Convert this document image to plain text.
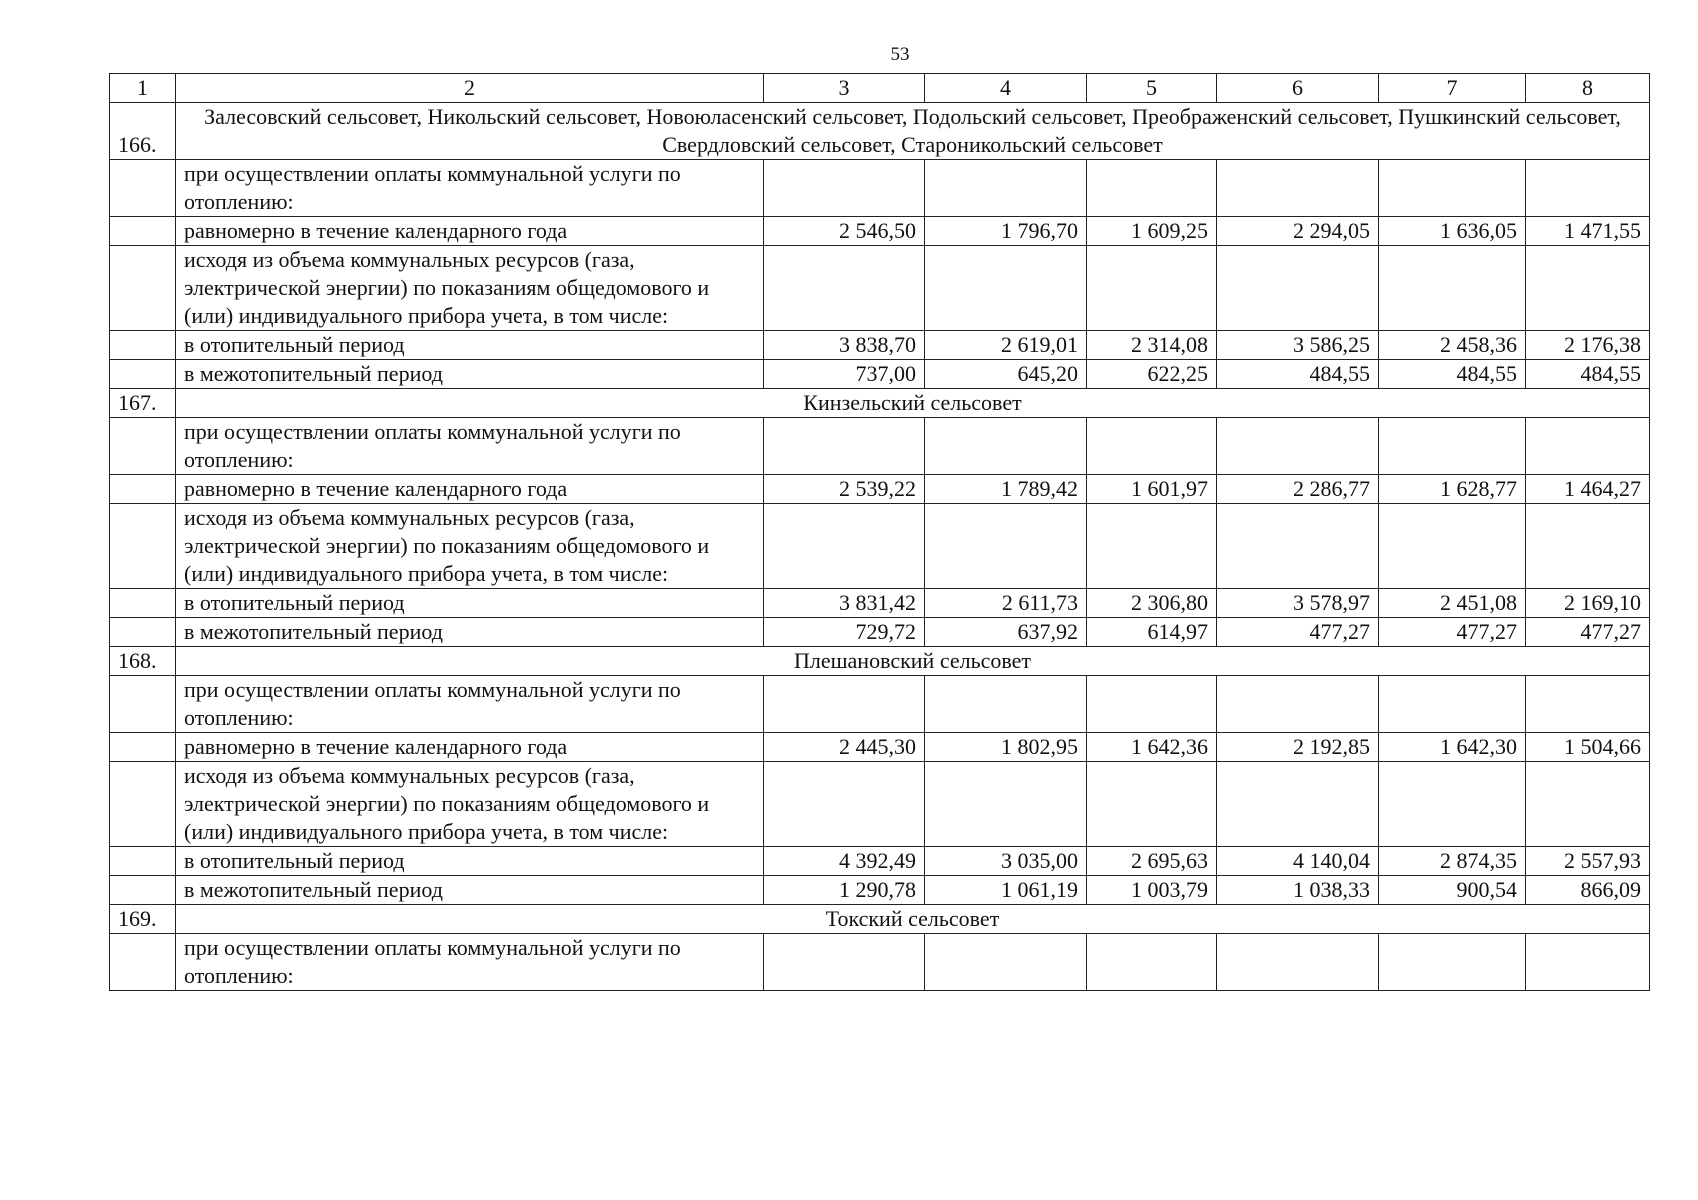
53
1	2	3	4	5	6	7	8
166.	Залесовский сельсовет, Никольский сельсовет, Новоюласенский сельсовет, Подольский сельсовет, Преображенский сельсовет, Пушкинский сельсовет, Свердловский сельсовет, Староникольский сельсовет						
	при осуществлении оплаты коммунальной услуги по отоплению:						
	равномерно в течение календарного года	2 546,50	1 796,70	1 609,25	2 294,05	1 636,05	1 471,55
	исходя из объема коммунальных ресурсов (газа, электрической энергии) по показаниям общедомового и (или) индивидуального прибора учета, в том числе:						
	в отопительный период	3 838,70	2 619,01	2 314,08	3 586,25	2 458,36	2 176,38
	в межотопительный период	737,00	645,20	622,25	484,55	484,55	484,55
167.	Кинзельский сельсовет						
	при осуществлении оплаты коммунальной услуги по отоплению:						
	равномерно в течение календарного года	2 539,22	1 789,42	1 601,97	2 286,77	1 628,77	1 464,27
	исходя из объема коммунальных ресурсов (газа, электрической энергии) по показаниям общедомового и (или) индивидуального прибора учета, в том числе:						
	в отопительный период	3 831,42	2 611,73	2 306,80	3 578,97	2 451,08	2 169,10
	в межотопительный период	729,72	637,92	614,97	477,27	477,27	477,27
168.	Плешановский сельсовет						
	при осуществлении оплаты коммунальной услуги по отоплению:						
	равномерно в течение календарного года	2 445,30	1 802,95	1 642,36	2 192,85	1 642,30	1 504,66
	исходя из объема коммунальных ресурсов (газа, электрической энергии) по показаниям общедомового и (или) индивидуального прибора учета, в том числе:						
	в отопительный период	4 392,49	3 035,00	2 695,63	4 140,04	2 874,35	2 557,93
	в межотопительный период	1 290,78	1 061,19	1 003,79	1 038,33	900,54	866,09
169.	Токский сельсовет						
	при осуществлении оплаты коммунальной услуги по отоплению:						
